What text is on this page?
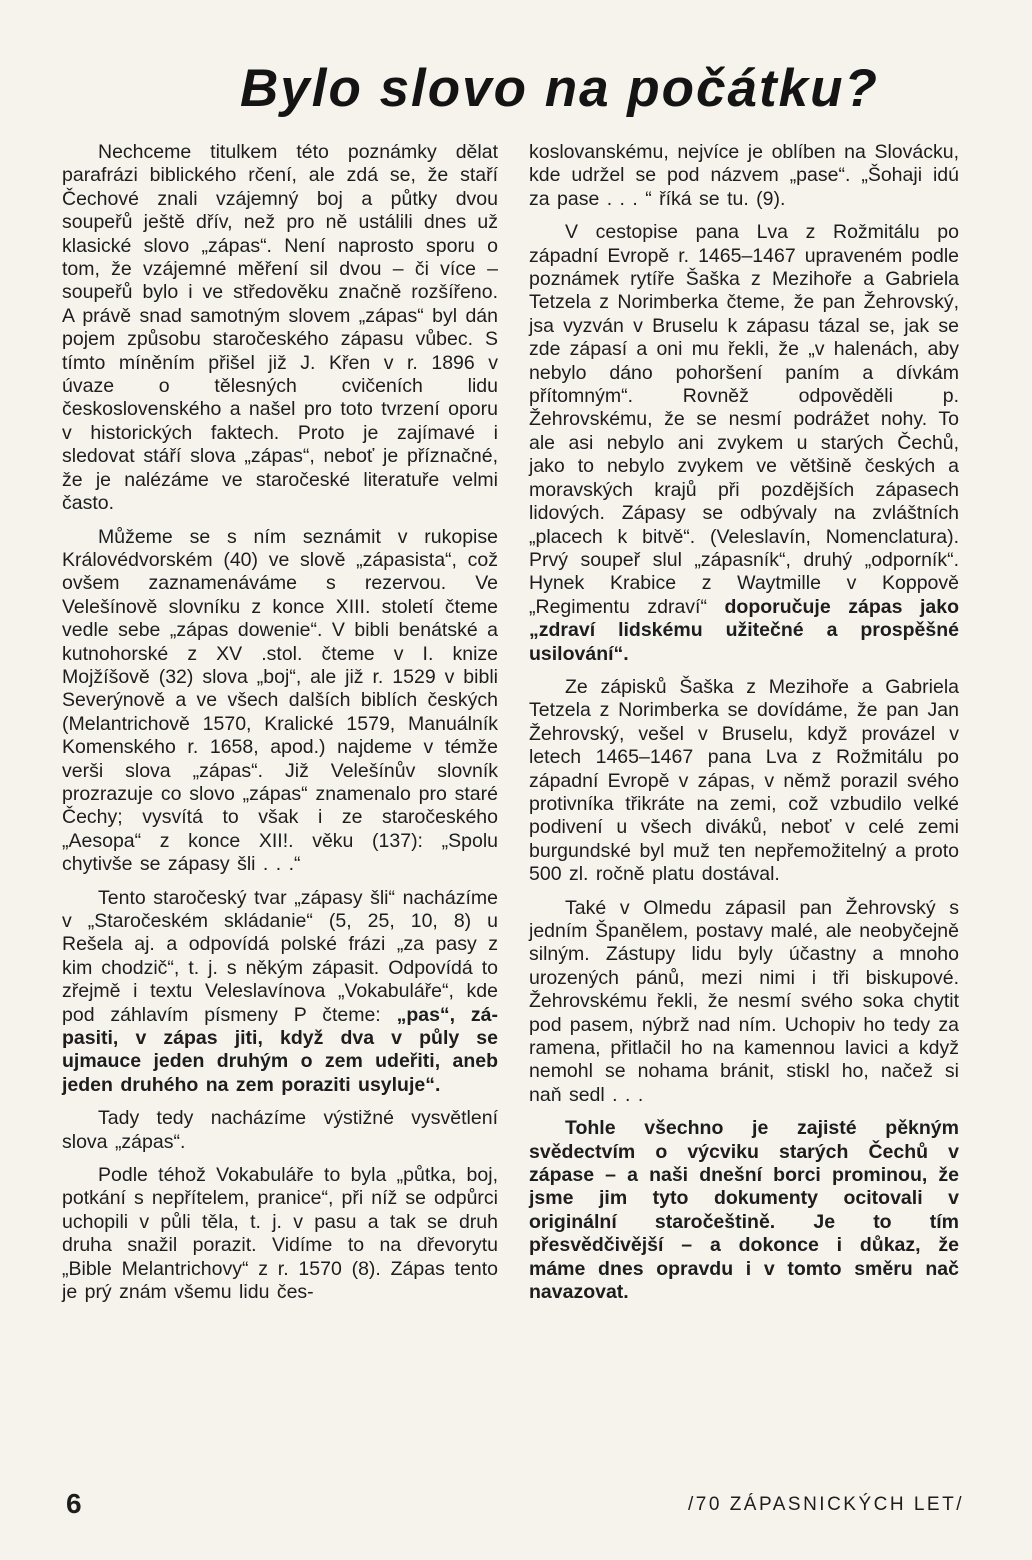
Bylo slovo na počátku?

Nechceme titulkem této poznámky dělat parafrázi biblického rčení, ale zdá se, že staří Čechové znali vzájemný boj a půtky dvou soupeřů ještě dřív, než pro ně ustálili dnes už klasické slovo „zápas“. Není naprosto sporu o tom, že vzájemné měření sil dvou – či více – soupeřů bylo i ve středověku značně rozšířeno. A právě snad samotným slovem „zápas“ byl dán pojem způsobu staročeského zápasu vůbec. S tímto míněním přišel již J. Křen v r. 1896 v úvaze o tělesných cvičeních lidu československého a našel pro toto tvrzení oporu v historických faktech. Proto je zajímavé i sledovat stáří slova „zápas“, neboť je příznačné, že je nalézáme ve staročeské literatuře velmi často.

Můžeme se s ním seznámit v rukopise Královédvorském (40) ve slově „zápasista“, což ovšem zaznamenáváme s rezervou. Ve Velešínově slovníku z konce XIII. století čteme vedle sebe „zápas dowenie“. V bibli benátské a kutnohorské z XV .stol. čteme v I. knize Mojžíšově (32) slova „boj“, ale již r. 1529 v bibli Severýnově a ve všech dalších biblích českých (Melantrichově 1570, Kralické 1579, Manuálník Komenského r. 1658, apod.) najdeme v témže verši slova „zápas“. Již Velešínův slovník prozrazuje co slovo „zápas“ znamenalo pro staré Čechy; vysvítá to však i ze staročeského „Aesopa“ z konce XII!. věku (137): „Spolu chytivše se zápasy šli . . .“

Tento staročeský tvar „zápasy šli“ nacházíme v „Staročeském skládanie“ (5, 25, 10, 8) u Rešela aj. a odpovídá polské frázi „za pasy z kim chodzič“, t. j. s někým zápasit. Odpovídá to zřejmě i textu Veleslavínova „Vokabuláře“, kde pod záhlavím písmeny P čteme: „pas“, zá- pasiti, v zápas jiti, když dva v půly se ujmauce jeden druhým o zem udeřiti, aneb jeden druhého na zem poraziti usyluje“.

Tady tedy nacházíme výstižné vysvětlení slova „zápas“.

Podle téhož Vokabuláře to byla „půtka, boj, potkání s nepřítelem, pranice“, při níž se odpůrci uchopili v půli těla, t. j. v pasu a tak se druh druha snažil porazit. Vidíme to na dřevorytu „Bible Melantrichovy“ z r. 1570 (8). Zápas tento je prý znám všemu lidu čes-

koslovanskému, nejvíce je oblíben na Slovácku, kde udržel se pod názvem „pase“. „Šohaji idú za pase . . . “ říká se tu. (9).

V cestopise pana Lva z Rožmitálu po západní Evropě r. 1465–1467 upraveném podle poznámek rytíře Šaška z Mezihoře a Gabriela Tetzela z Norimberka čteme, že pan Žehrovský, jsa vyzván v Bruselu k zápasu tázal se, jak se zde zápasí a oni mu řekli, že „v halenách, aby nebylo dáno pohoršení paním a dívkám přítomným“. Rovněž odpověděli p. Žehrovskému, že se nesmí podrážet nohy. To ale asi nebylo ani zvykem u starých Čechů, jako to nebylo zvykem ve většině českých a moravských krajů při pozdějších zápasech lidových. Zápasy se odbývaly na zvláštních „placech k bitvě“. (Veleslavín, Nomenclatura). Prvý soupeř slul „zápasník“, druhý „odporník“. Hynek Krabice z Waytmille v Koppově „Regimentu zdraví“ doporučuje zápas jako „zdraví lidskému užitečné a prospěšné usilování“.

Ze zápisků Šaška z Mezihoře a Gabriela Tetzela z Norimberka se dovídáme, že pan Jan Žehrovský, vešel v Bruselu, když provázel v letech 1465–1467 pana Lva z Rožmitálu po západní Evropě v zápas, v němž porazil svého protivníka třikráte na zemi, což vzbudilo velké podivení u všech diváků, neboť v celé zemi burgundské byl muž ten nepřemožitelný a proto 500 zl. ročně platu dostával.

Také v Olmedu zápasil pan Žehrovský s jedním Španělem, postavy malé, ale neobyčejně silným. Zástupy lidu byly účastny a mnoho urozených pánů, mezi nimi i tři biskupové. Žehrovskému řekli, že nesmí svého soka chytit pod pasem, nýbrž nad ním. Uchopiv ho tedy za ramena, přitlačil ho na kamennou lavici a když nemohl se nohama bránit, stiskl ho, načež si naň sedl . . .

Tohle všechno je zajisté pěkným svědectvím o výcviku starých Čechů v zápase – a naši dnešní borci prominou, že jsme jim tyto dokumenty ocitovali v originální staročeštině. Je to tím přesvědčivější – a dokonce i důkaz, že máme dnes opravdu i v tomto směru nač navazovat.

6	/70 ZÁPASNICKÝCH LET/
